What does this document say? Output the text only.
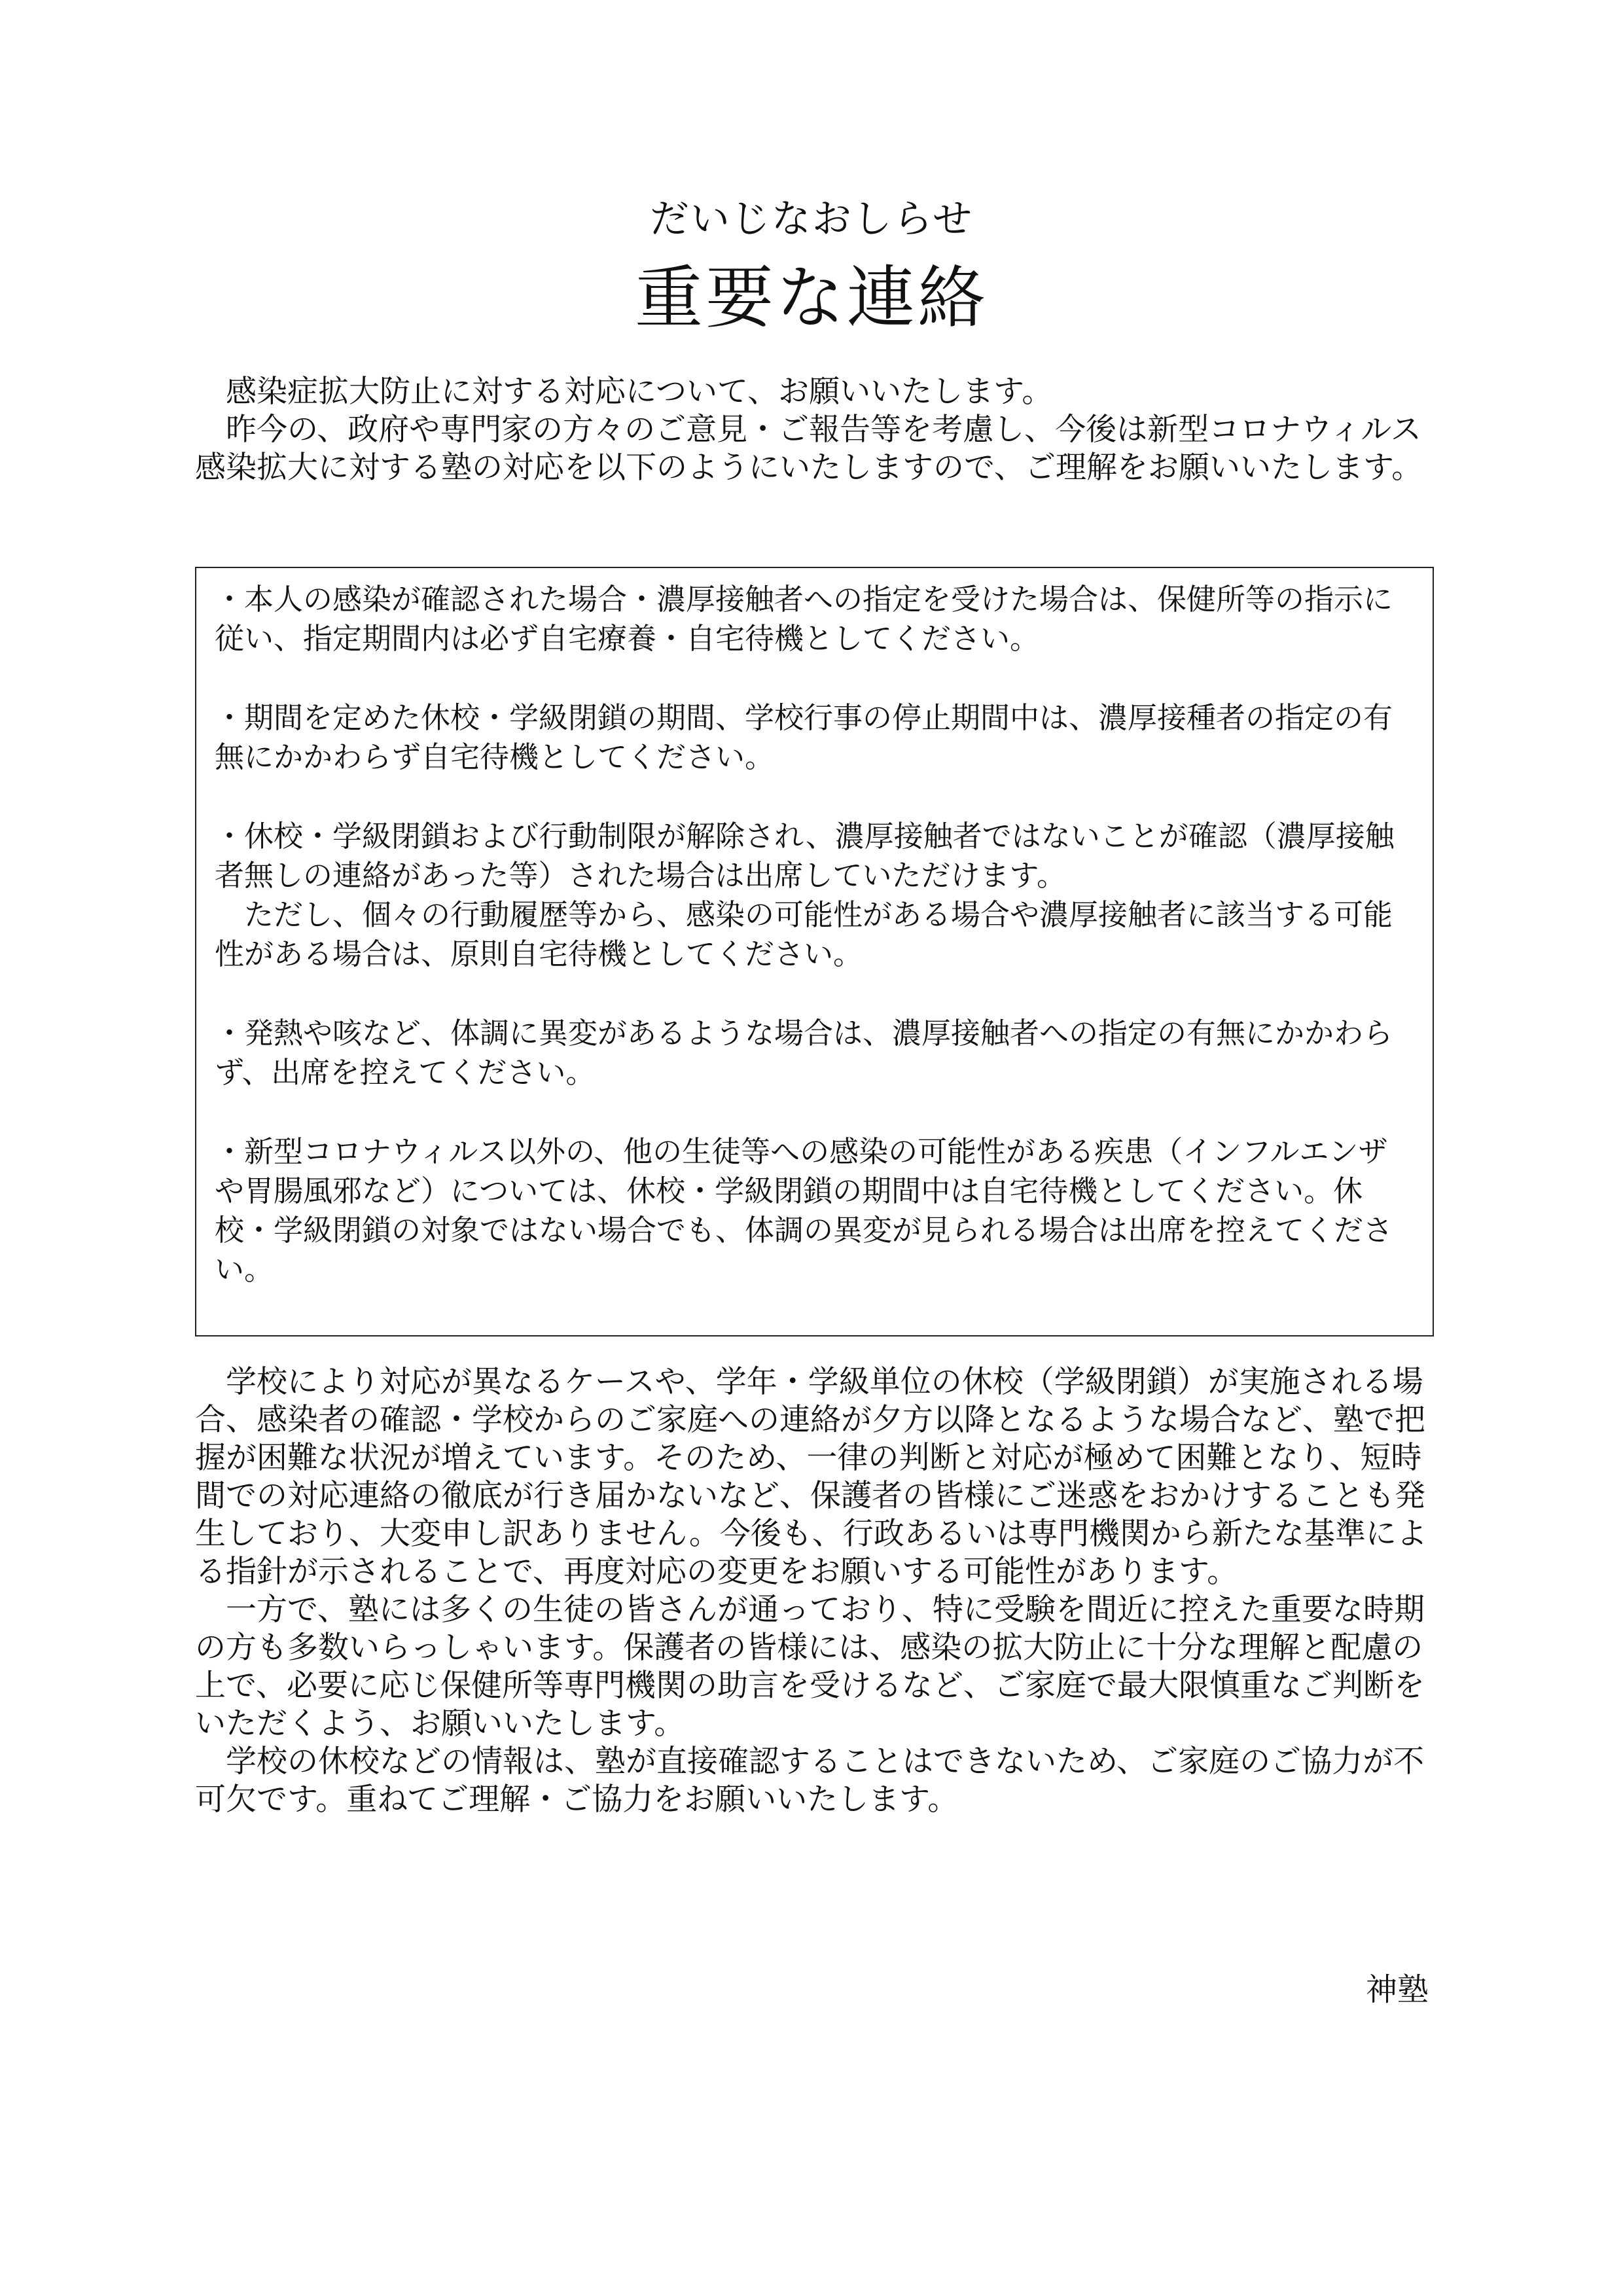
だいじなおしらせ
重要な連絡

感染症拡大防止に対する対応について、お願いいたします。

昨今の、政府や専門家の方々のご意見・ご報告等を考慮し、今後は新型コロナウィルス感染拡大に対する塾の対応を以下のようにいたしますので、ご理解をお願いいたします。

・本人の感染が確認された場合・濃厚接触者への指定を受けた場合は、保健所等の指示に従い、指定期間内は必ず自宅療養・自宅待機としてください。

・期間を定めた休校・学級閉鎖の期間、学校行事の停止期間中は、濃厚接種者の指定の有無にかかわらず自宅待機としてください。

・休校・学級閉鎖および行動制限が解除され、濃厚接触者ではないことが確認（濃厚接触者無しの連絡があった等）された場合は出席していただけます。

ただし、個々の行動履歴等から、感染の可能性がある場合や濃厚接触者に該当する可能性がある場合は、原則自宅待機としてください。

・発熱や咳など、体調に異変があるような場合は、濃厚接触者への指定の有無にかかわらず、出席を控えてください。

・新型コロナウィルス以外の、他の生徒等への感染の可能性がある疾患（インフルエンザや胃腸風邪など）については、休校・学級閉鎖の期間中は自宅待機としてください。休校・学級閉鎖の対象ではない場合でも、体調の異変が見られる場合は出席を控えてください。

学校により対応が異なるケースや、学年・学級単位の休校（学級閉鎖）が実施される場合、感染者の確認・学校からのご家庭への連絡が夕方以降となるような場合など、塾で把握が困難な状況が増えています。そのため、一律の判断と対応が極めて困難となり、短時間での対応連絡の徹底が行き届かないなど、保護者の皆様にご迷惑をおかけすることも発生しており、大変申し訳ありません。今後も、行政あるいは専門機関から新たな基準による指針が示されることで、再度対応の変更をお願いする可能性があります。

一方で、塾には多くの生徒の皆さんが通っており、特に受験を間近に控えた重要な時期の方も多数いらっしゃいます。保護者の皆様には、感染の拡大防止に十分な理解と配慮の上で、必要に応じ保健所等専門機関の助言を受けるなど、ご家庭で最大限慎重なご判断をいただくよう、お願いいたします。

学校の休校などの情報は、塾が直接確認することはできないため、ご家庭のご協力が不可欠です。重ねてご理解・ご協力をお願いいたします。

神塾
